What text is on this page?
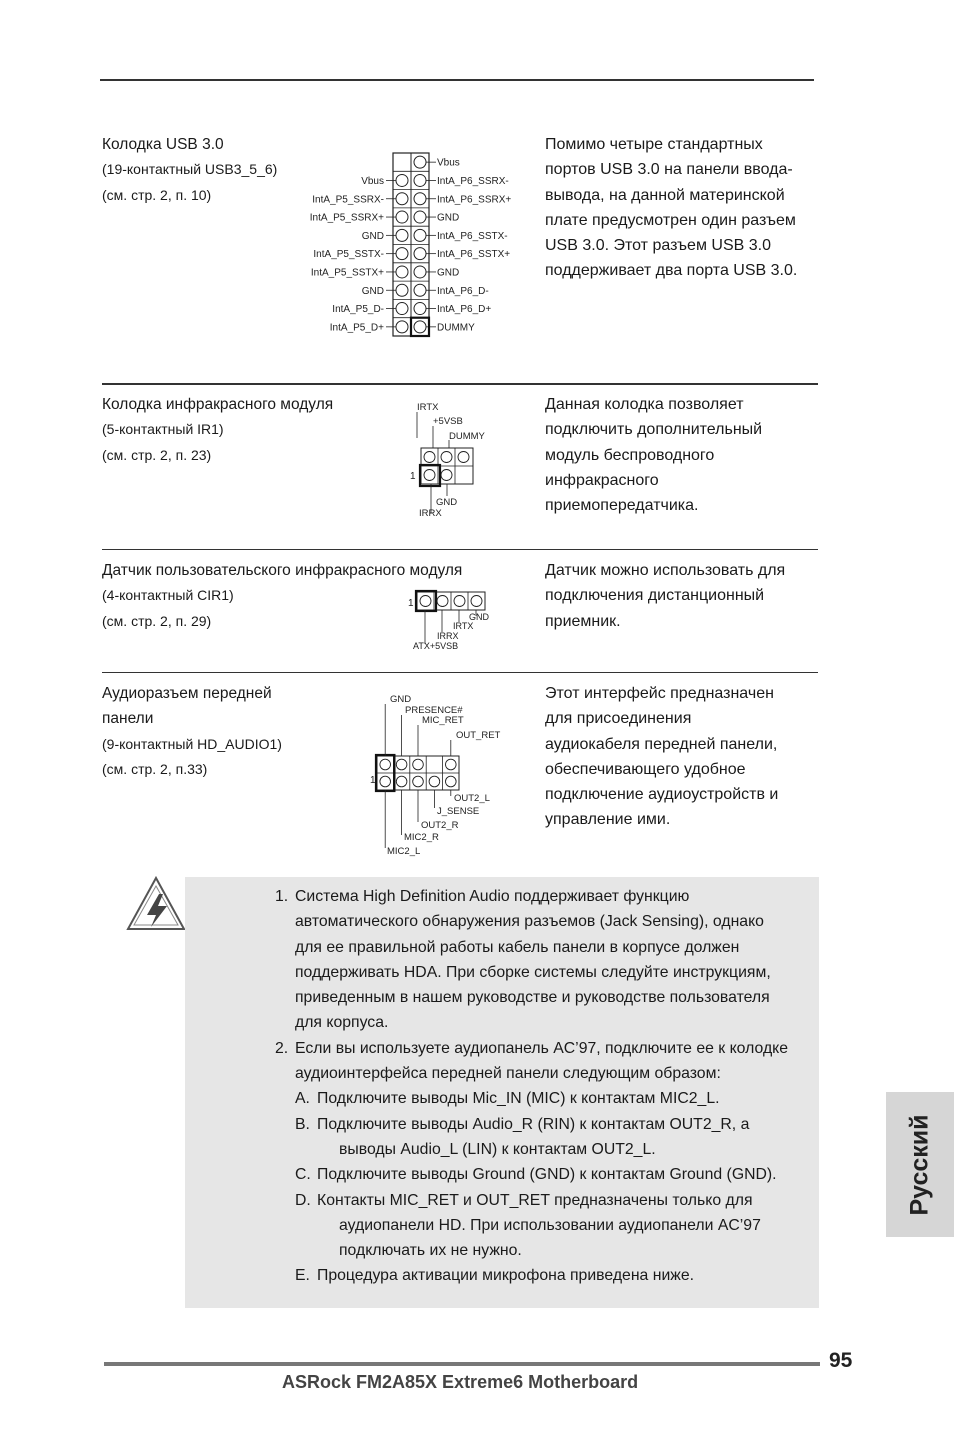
Колодка USB 3.0
(19-контактный USB3_5_6)
(см. стр. 2, п. 10)
Vbus
IntA_P5_SSRX-
IntA_P5_SSRX+
GND
IntA_P5_SSTX-
IntA_P5_SSTX+
GND
IntA_P5_D-
IntA_P5_D+
Vbus
IntA_P6_SSRX-
IntA_P6_SSRX+
GND
IntA_P6_SSTX-
IntA_P6_SSTX+
GND
IntA_P6_D-
IntA_P6_D+
DUMMY
Помимо четыре стандартных
портов USB 3.0 на панели ввода-
вывода, на данной материнской
плате предусмотрен один разъем
USB 3.0. Этот разъем USB 3.0
поддерживает два порта USB 3.0.
Колодка инфракрасного модуля
(5-контактный IR1)
(см. стр. 2, п. 23)
IRTX
+5VSB
DUMMY
1
GND
IRRX
Данная колодка позволяет
подключить дополнительный
модуль беспроводного
инфракрасного
приемопередатчика.
Датчик пользовательского инфракрасного модуля
(4-контактный CIR1)
(см. стр. 2, п. 29)
1
GND
IRTX
IRRX
ATX+5VSB
Датчик можно использовать для
подключения дистанционный
приемник.
Аудиоразъем передней
панели
(9-контактный HD_AUDIO1)
(см. стр. 2, п.33)
GND
PRESENCE#
MIC_RET
OUT_RET
1
OUT2_L
J_SENSE
OUT2_R
MIC2_R
MIC2_L
Этот интерфейс предназначен
для присоединения
аудиокабеля передней панели,
обеспечивающего удобное
подключение аудиоустройств и
управление ими.
1. Система High Definition Audio поддерживает функцию
автоматического обнаружения разъемов (Jack Sensing), однако
для ее правильной работы кабель панели в корпусе должен
поддерживать HDA. При сборке системы следуйте инструкциям,
приведенным в нашем руководстве и руководстве пользователя
для корпуса.
2. Если вы используете аудиопанель AC’97, подключите ее к колодке
аудиоинтерфейса передней панели следующим образом:
A. Подключите выводы Mic_IN (MIC) к контактам MIC2_L.
B. Подключите выводы Audio_R (RIN) к контактам OUT2_R, а
выводы Audio_L (LIN) к контактам OUT2_L.
C. Подключите выводы Ground (GND) к контактам Ground (GND).
D. Контакты MIC_RET и OUT_RET предназначены только для
аудиопанели HD. При использовании аудиопанели AC’97
подключать их не нужно.
E. Процедура активации микрофона приведена ниже.
Русский
95
ASRock FM2A85X Extreme6 Motherboard
